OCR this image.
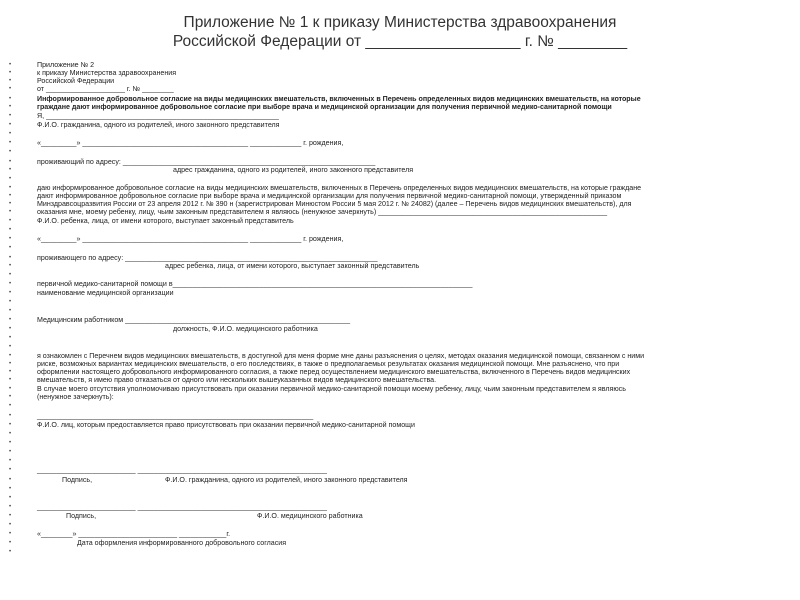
Приложение № 1 к приказу Министерства здравоохранения
Российской Федерации от __________________ г. № ________
•	Приложение № 2
•	к приказу Министерства здравоохранения
•	Российской Федерации
•	от ____________________ г. № ________
•	Информированное добровольное согласие на виды медицинских вмешательств, включенных в Перечень определенных видов медицинских вмешательств, на которые
•	граждане дают информированное добровольное согласие при выборе врача и медицинской организации для получения первичной медико-санитарной помощи
•	Я, ___________________________________________________________
•	Ф.И.О. гражданина, одного из родителей, иного законного представителя
•
•	«_________» __________________________________________ _____________ г. рождения,
•
•	проживающий по адресу: ________________________________________________________________
•	адрес гражданина, одного из родителей, иного законного представителя
•
•	даю информированное добровольное согласие на виды медицинских вмешательств, включенных в Перечень определенных видов медицинских вмешательств, на которые граждане
•	дают информированное добровольное согласие при выборе врача и медицинской организации для получения первичной медико-санитарной помощи, утвержденный приказом
•	Минздравсоцразвития России от 23 апреля 2012 г. № 390 н (зарегистрирован Минюстом России 5 мая 2012 г. № 24082) (далее – Перечень видов медицинских вмешательств), для
•	оказания мне, моему ребенку, лицу, чьим законным представителем я являюсь (ненужное зачеркнуть) __________________________________________________________
•	Ф.И.О. ребенка, лица, от имени которого, выступает законный представитель
•
•	«_________» __________________________________________ _____________ г. рождения,
•
•	проживающего по адресу: ________________________________________________________________
•	адрес ребенка, лица, от имени которого, выступает законный представитель
•
•	первичной медико-санитарной помощи в____________________________________________________________________________
•	наименование медицинской организации
•
•
•	Медицинским работником _________________________________________________________
•	должность, Ф.И.О. медицинского работника
•
•
•	я ознакомлен с Перечнем видов медицинских вмешательств, в доступной для меня форме мне даны разъяснения о целях, методах оказания медицинской помощи, связанном с ними
•	риске, возможных вариантах медицинских вмешательств, о его последствиях, в также о предполагаемых результатах оказания медицинской помощи. Мне разъяснено, что при
•	оформлении настоящего добровольного информированного согласия, а также перед осуществлением медицинского вмешательства, включенного в Перечень видов медицинских
•	вмешательств, я имею право отказаться от одного или нескольких вышеуказанных видов медицинского вмешательства.
•	В случае моего отсутствия уполномочиваю присутствовать при оказании первичной медико-санитарной помощи моему ребенку, лицу, чьим законным представителем я являюсь
•	(ненужное зачеркнуть):
•
•	______________________________________________________________________
•	Ф.И.О. лиц, которым предоставляется право присутствовать при оказании первичной медико-санитарной помощи
•
•
•
•
•	_________________________ ________________________________________________
•	Подпись,	Ф.И.О. гражданина, одного из родителей, иного законного представителя
•
•
•	_________________________ ________________________________________________
•	Подпись,	Ф.И.О. медицинского работника
•
•	«________» _________________________ ____________г.
•	Дата оформления информированного добровольного согласия
•
